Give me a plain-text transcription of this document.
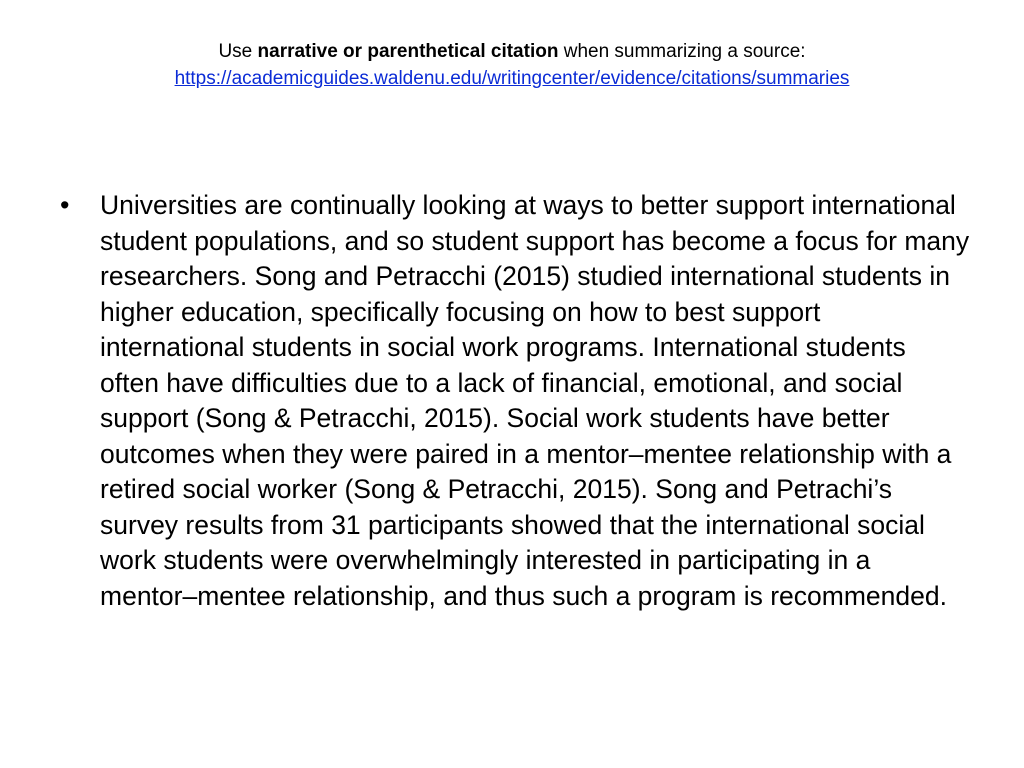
Use narrative or parenthetical citation when summarizing a source:
https://academicguides.waldenu.edu/writingcenter/evidence/citations/summaries
•	Universities are continually looking at ways to better support international student populations, and so student support has become a focus for many researchers. Song and Petracchi (2015) studied international students in higher education, specifically focusing on how to best support international students in social work programs. International students often have difficulties due to a lack of financial, emotional, and social support (Song & Petracchi, 2015). Social work students have better outcomes when they were paired in a mentor–mentee relationship with a retired social worker (Song & Petracchi, 2015). Song and Petrachi’s survey results from 31 participants showed that the international social work students were overwhelmingly interested in participating in a mentor–mentee relationship, and thus such a program is recommended.
